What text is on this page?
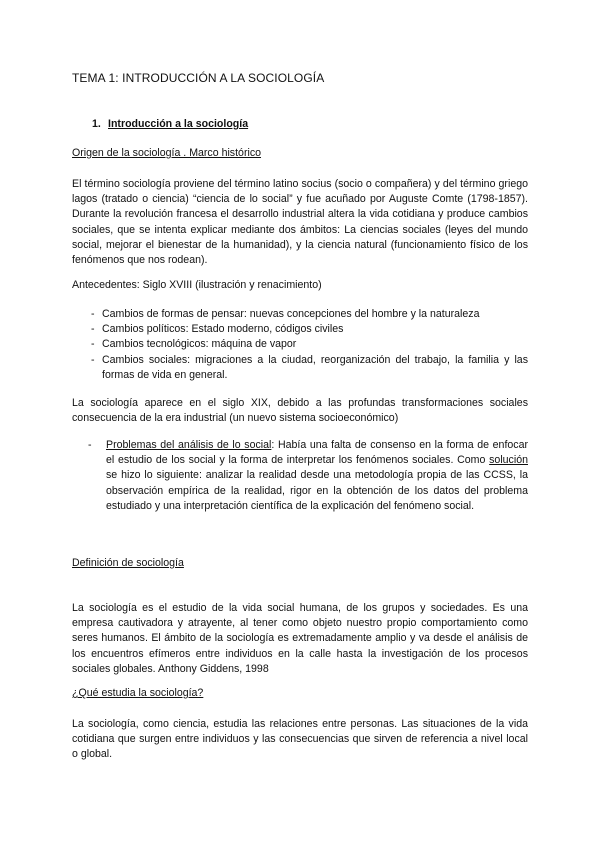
TEMA 1: INTRODUCCIÓN A LA SOCIOLOGÍA

1. Introducción a la sociología

Origen de la sociología . Marco histórico

El término sociología proviene del término latino socius (socio o compañera) y del término griego lagos (tratado o ciencia) “ciencia de lo social” y fue acuñado por Auguste Comte (1798-1857). Durante la revolución francesa el desarrollo industrial altera la vida cotidiana y produce cambios sociales, que se intenta explicar mediante dos ámbitos: La ciencias sociales (leyes del mundo social, mejorar el bienestar de la humanidad), y la ciencia natural (funcionamiento físico de los fenómenos que nos rodean).

Antecedentes: Siglo XVIII (ilustración y renacimiento)

- Cambios de formas de pensar: nuevas concepciones del hombre y la naturaleza
- Cambios políticos: Estado moderno, códigos civiles
- Cambios tecnológicos: máquina de vapor
- Cambios sociales: migraciones a la ciudad, reorganización del trabajo, la familia y las formas de vida en general.

La sociología aparece en el siglo XIX, debido a las profundas transformaciones sociales consecuencia de la era industrial (un nuevo sistema socioeconómico)

- Problemas del análisis de lo social: Había una falta de consenso en la forma de enfocar el estudio de los social y la forma de interpretar los fenómenos sociales. Como solución se hizo lo siguiente: analizar la realidad desde una metodología propia de las CCSS, la observación empírica de la realidad, rigor en la obtención de los datos del problema estudiado y una interpretación científica de la explicación del fenómeno social.

Definición de sociología

La sociología es el estudio de la vida social humana, de los grupos y sociedades. Es una empresa cautivadora y atrayente, al tener como objeto nuestro propio comportamiento como seres humanos. El ámbito de la sociología es extremadamente amplio y va desde el análisis de los encuentros efímeros entre individuos en la calle hasta la investigación de los procesos sociales globales. Anthony Giddens, 1998

¿Qué estudia la sociología?

La sociología, como ciencia, estudia las relaciones entre personas. Las situaciones de la vida cotidiana que surgen entre individuos y las consecuencias que sirven de referencia a nivel local o global.
